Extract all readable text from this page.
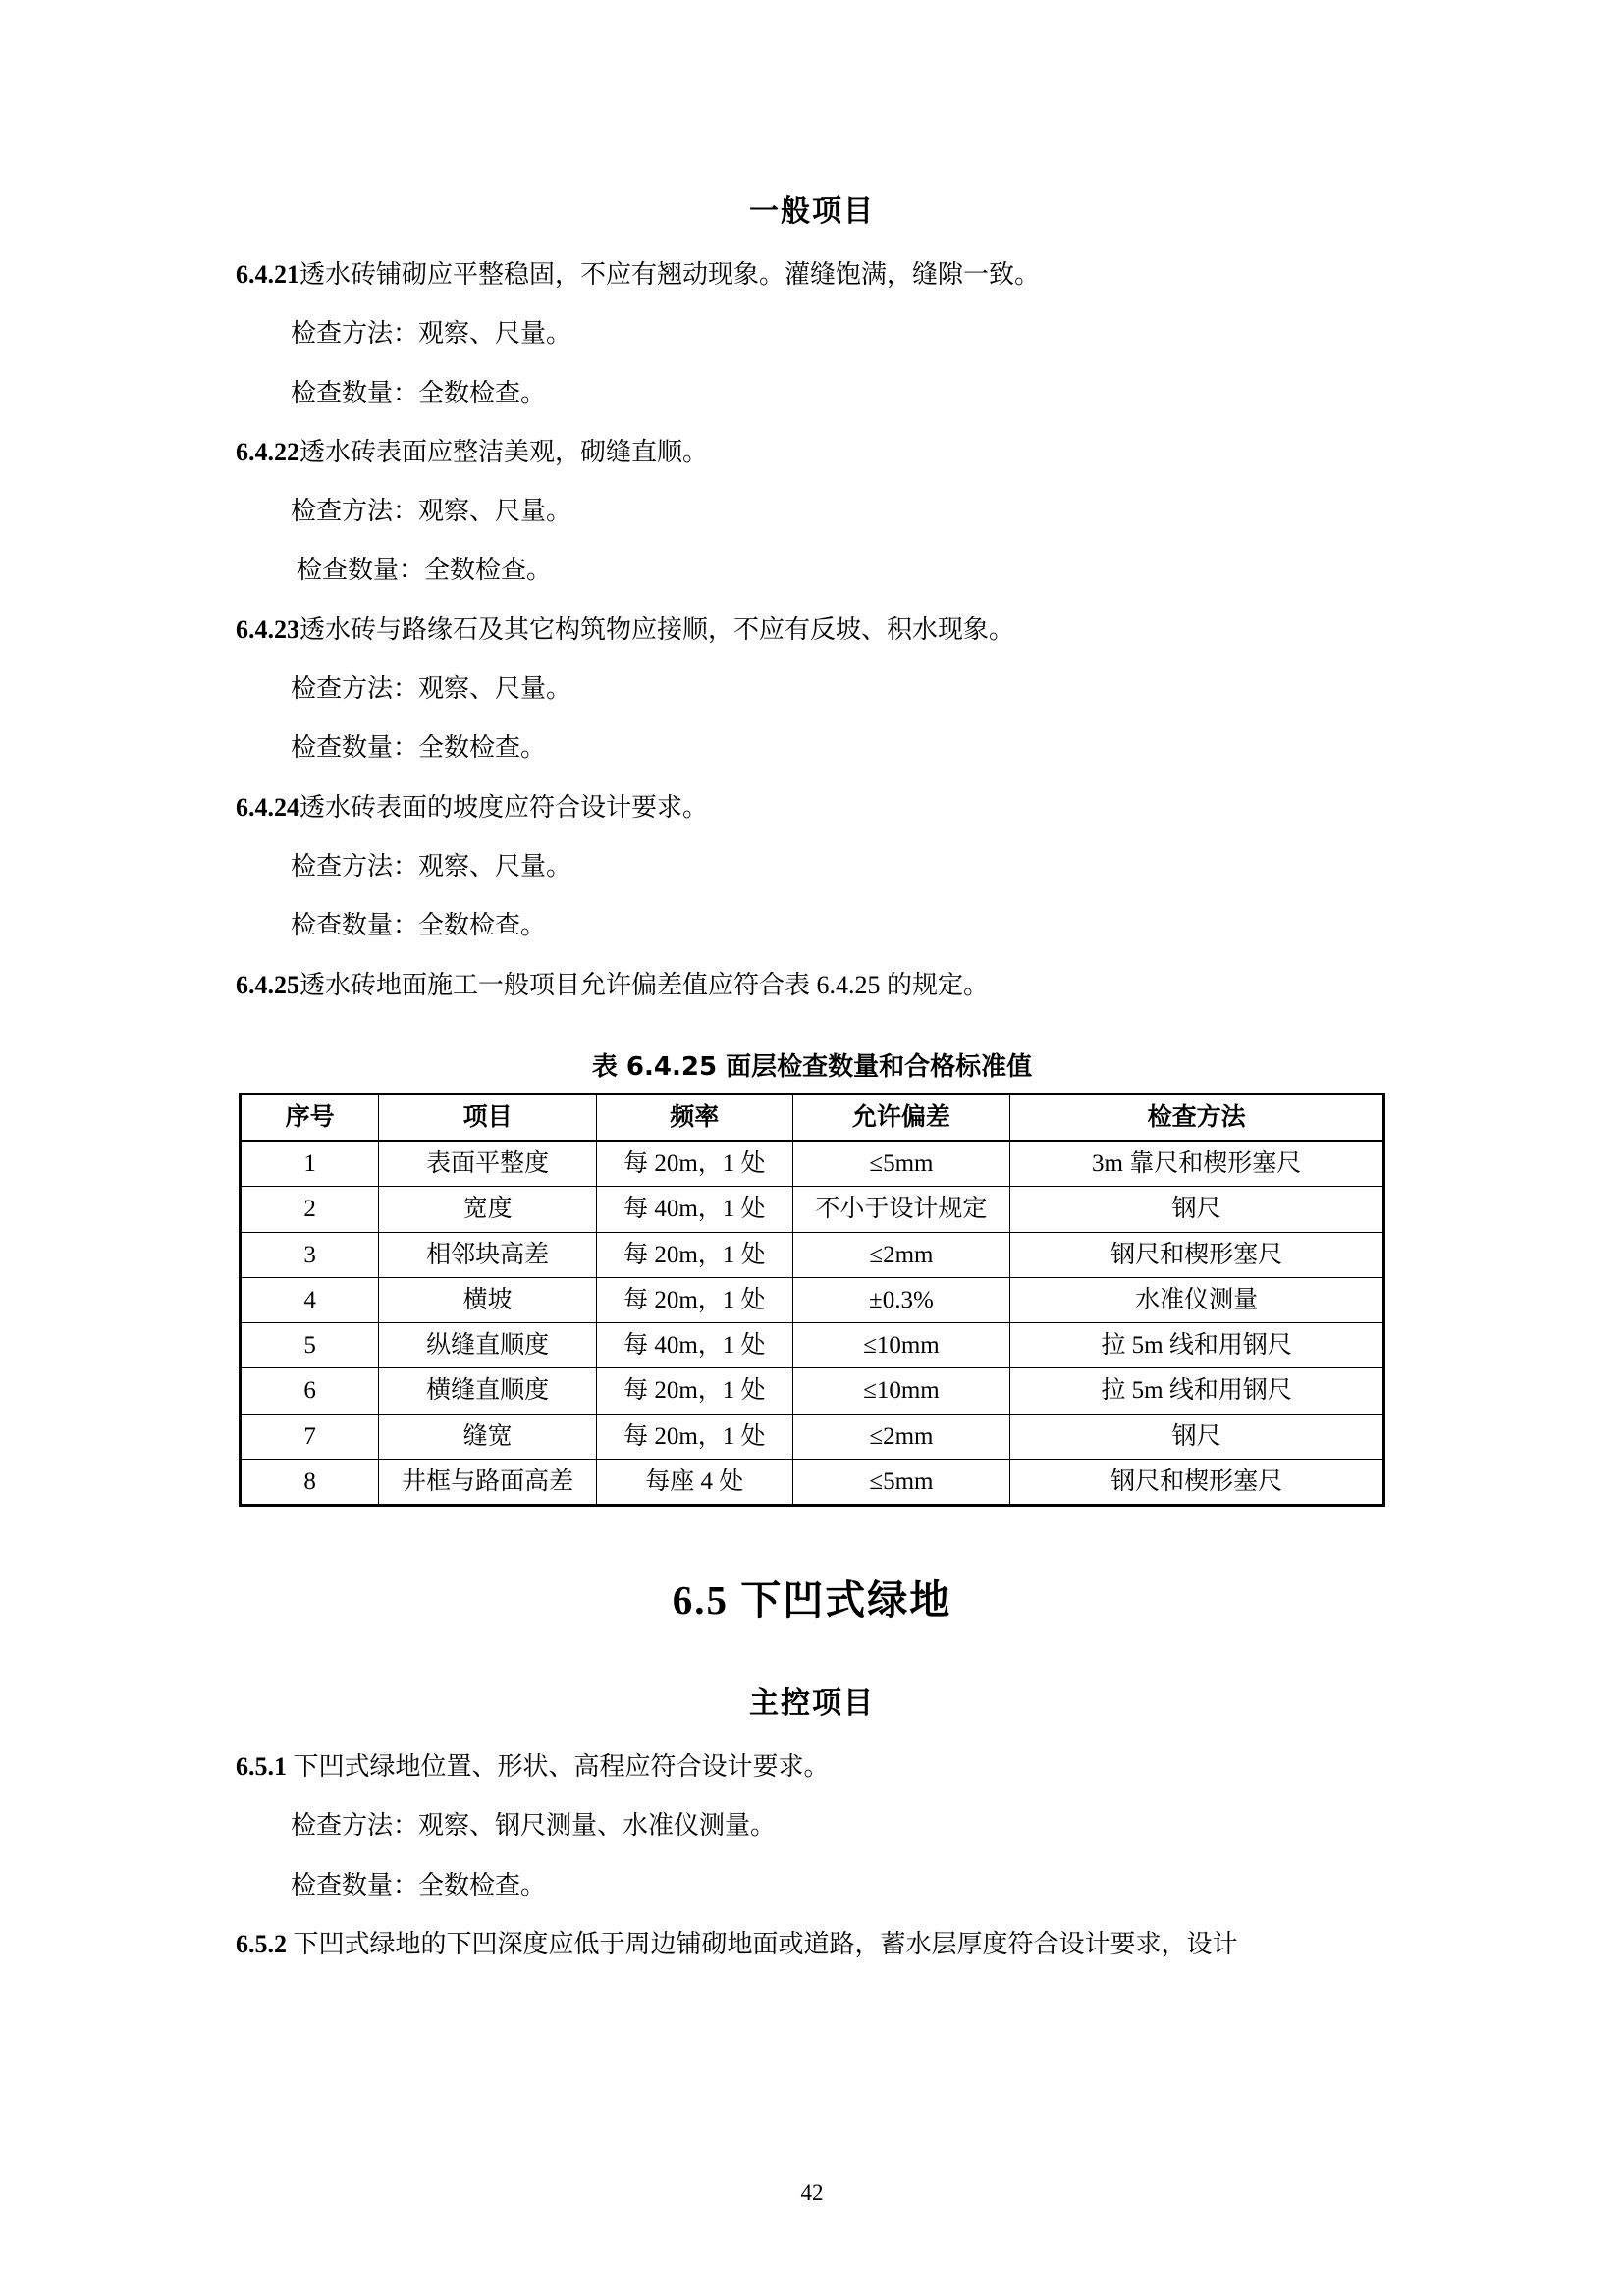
一般项目

6.4.21透水砖铺砌应平整稳固，不应有翘动现象。灌缝饱满，缝隙一致。

检查方法：观察、尺量。

检查数量：全数检查。

6.4.22透水砖表面应整洁美观，砌缝直顺。

检查方法：观察、尺量。

检查数量：全数检查。

6.4.23透水砖与路缘石及其它构筑物应接顺，不应有反坡、积水现象。

检查方法：观察、尺量。

检查数量：全数检查。

6.4.24透水砖表面的坡度应符合设计要求。

检查方法：观察、尺量。

检查数量：全数检查。

6.4.25透水砖地面施工一般项目允许偏差值应符合表 6.4.25 的规定。

表 6.4.25 面层检查数量和合格标准值
序号	项目	频率	允许偏差	检查方法
1	表面平整度	每 20m，1 处	≤5mm	3m 靠尺和楔形塞尺
2	宽度	每 40m，1 处	不小于设计规定	钢尺
3	相邻块高差	每 20m，1 处	≤2mm	钢尺和楔形塞尺
4	横坡	每 20m，1 处	±0.3%	水准仪测量
5	纵缝直顺度	每 40m，1 处	≤10mm	拉 5m 线和用钢尺
6	横缝直顺度	每 20m，1 处	≤10mm	拉 5m 线和用钢尺
7	缝宽	每 20m，1 处	≤2mm	钢尺
8	井框与路面高差	每座 4 处	≤5mm	钢尺和楔形塞尺
6.5 下凹式绿地
主控项目

6.5.1 下凹式绿地位置、形状、高程应符合设计要求。

检查方法：观察、钢尺测量、水准仪测量。

检查数量：全数检查。

6.5.2 下凹式绿地的下凹深度应低于周边铺砌地面或道路，蓄水层厚度符合设计要求，设计

42
